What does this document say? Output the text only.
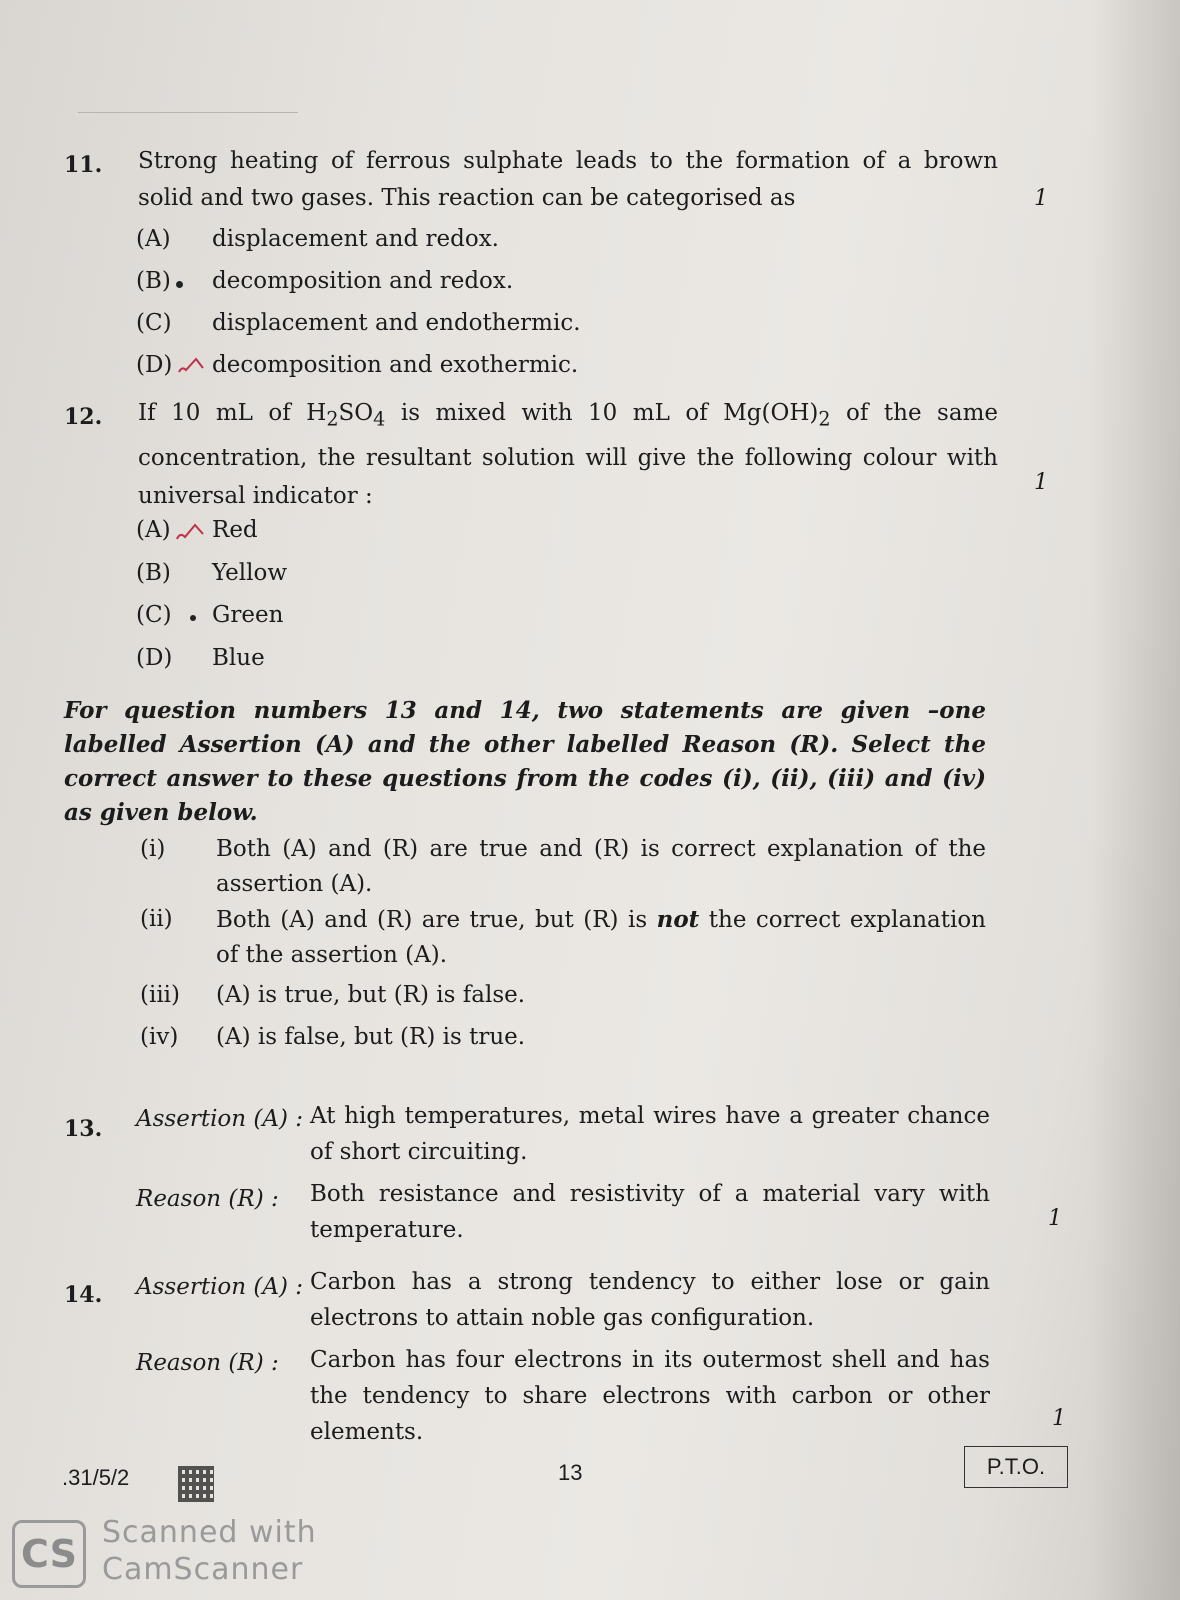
11. Strong heating of ferrous sulphate leads to the formation of a brown solid and two gases. This reaction can be categorised as	1
(A) displacement and redox.
(B) decomposition and redox.
(C) displacement and endothermic.
(D) decomposition and exothermic.
12. If 10 mL of $H_2SO_4$ is mixed with 10 mL of $Mg(OH)_2$ of the same concentration, the resultant solution will give the following colour with universal indicator :
1
(A) Red
(B) Yellow
(C) Green
(D) Blue
For question numbers 13 and 14, two statements are given –one labelled Assertion (A) and the other labelled Reason (R). Select the correct answer to these questions from the codes (i), (ii), (iii) and (iv) as given below.
(i) Both (A) and (R) are true and (R) is correct explanation of the assertion (A).
(ii) Both (A) and (R) are true, but (R) is not the correct explanation of the assertion (A).
(iii) (A) is true, but (R) is false.
(iv) (A) is false, but (R) is true.
13. Assertion (A) : At high temperatures, metal wires have a greater chance of short circuiting.
Reason (R) : Both resistance and resistivity of a material vary with temperature.	1
14. Assertion (A) : Carbon has a strong tendency to either lose or gain electrons to attain noble gas configuration.
Reason (R) : Carbon has four electrons in its outermost shell and has the tendency to share electrons with carbon or other elements.
1
.31/5/2	13	P.T.O.
CS Scanned with
CamScanner
